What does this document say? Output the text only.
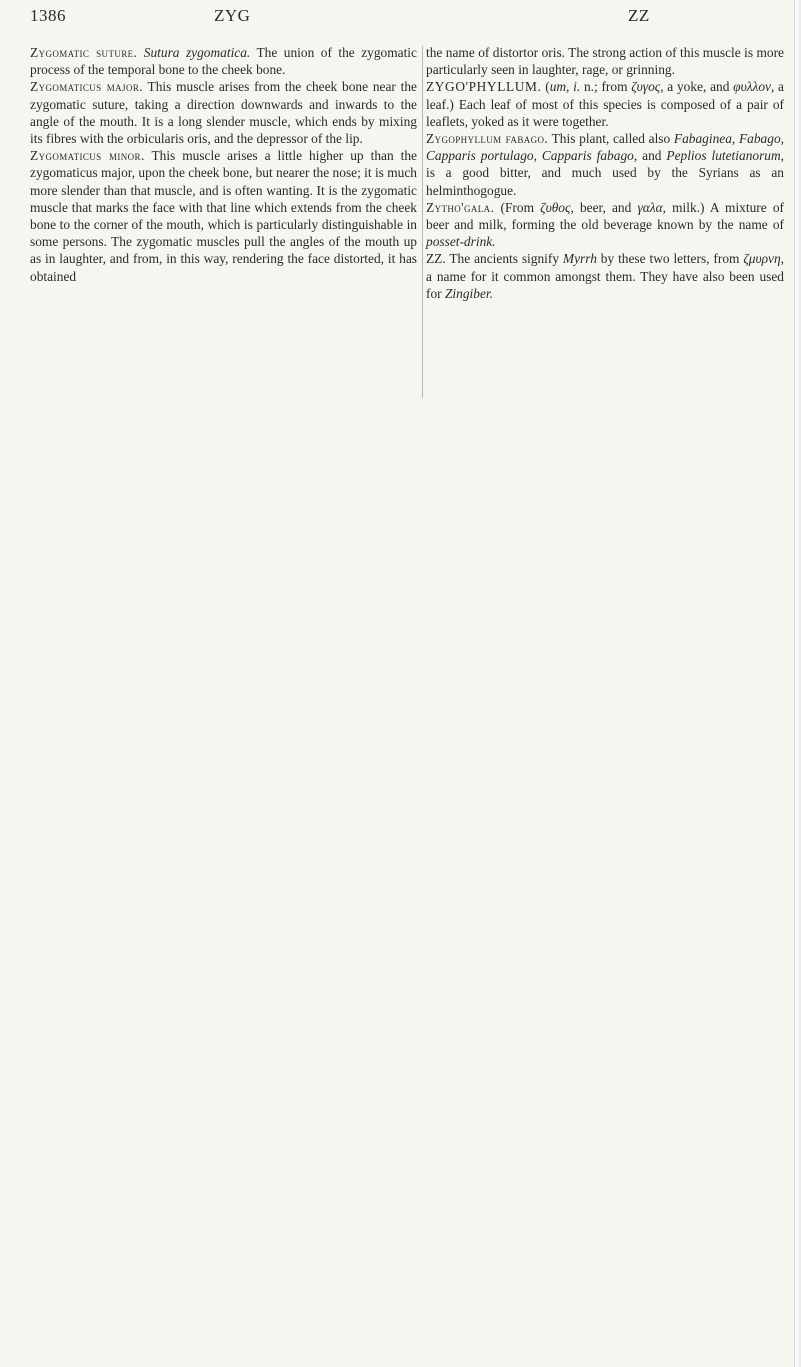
1386	ZYG	ZZ

Zygomatic suture. Sutura zygomatica. The union of the zygomatic process of the temporal bone to the cheek bone.

Zygomaticus major. This muscle arises from the cheek bone near the zygomatic suture, taking a direction downwards and inwards to the angle of the mouth. It is a long slender muscle, which ends by mixing its fibres with the orbicularis oris, and the depressor of the lip.

Zygomaticus minor. This muscle arises a little higher up than the zygomaticus major, upon the cheek bone, but nearer the nose; it is much more slender than that muscle, and is often wanting. It is the zygomatic muscle that marks the face with that line which extends from the cheek bone to the corner of the mouth, which is particularly distinguishable in some persons. The zygomatic muscles pull the angles of the mouth up as in laughter, and from, in this way, rendering the face distorted, it has obtained

the name of distortor oris. The strong action of this muscle is more particularly seen in laughter, rage, or grinning.

ZYGO'PHYLLUM. (um, i. n.; from ζυγος, a yoke, and φυλλον, a leaf.) Each leaf of most of this species is composed of a pair of leaflets, yoked as it were together.

Zygophyllum fabago. This plant, called also Fabaginea, Fabago, Capparis portulago, Capparis fabago, and Peplios lutetianorum, is a good bitter, and much used by the Syrians as an helminthogogue.

Zytho'gala. (From ζυθος, beer, and γαλα, milk.) A mixture of beer and milk, forming the old beverage known by the name of posset-drink.

ZZ. The ancients signify Myrrh by these two letters, from ζμυρνη, a name for it common amongst them. They have also been used for Zingiber.
